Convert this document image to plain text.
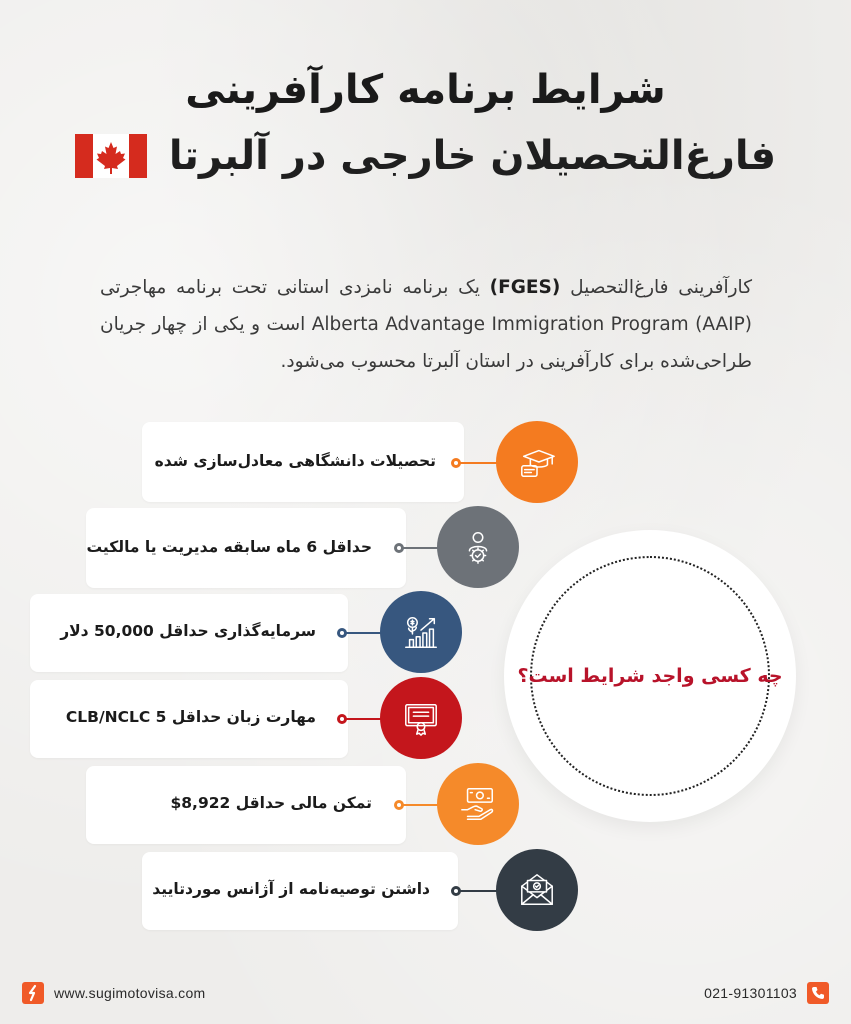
شرایط برنامه کارآفرینی
فارغ‌التحصیلان خارجی در آلبرتا

کارآفرینی فارغ‌التحصیل (FGES) یک برنامه نامزدی استانی تحت برنامه مهاجرتی Alberta Advantage Immigration Program (AAIP) است و یکی از چهار جریان طراحی‌شده برای کارآفرینی در استان آلبرتا محسوب می‌شود.

چه کسی واجد شرایط است؟
تحصیلات دانشگاهی معادل‌سازی شده
حداقل 6 ماه سابقه مدیریت یا مالکیت
سرمایه‌گذاری حداقل 50,000 دلار
مهارت زبان حداقل CLB/NCLC 5
تمکن مالی حداقل 8,922$
داشتن توصیه‌نامه از آژانس موردتایید
www.sugimotovisa.com	021-91301103
